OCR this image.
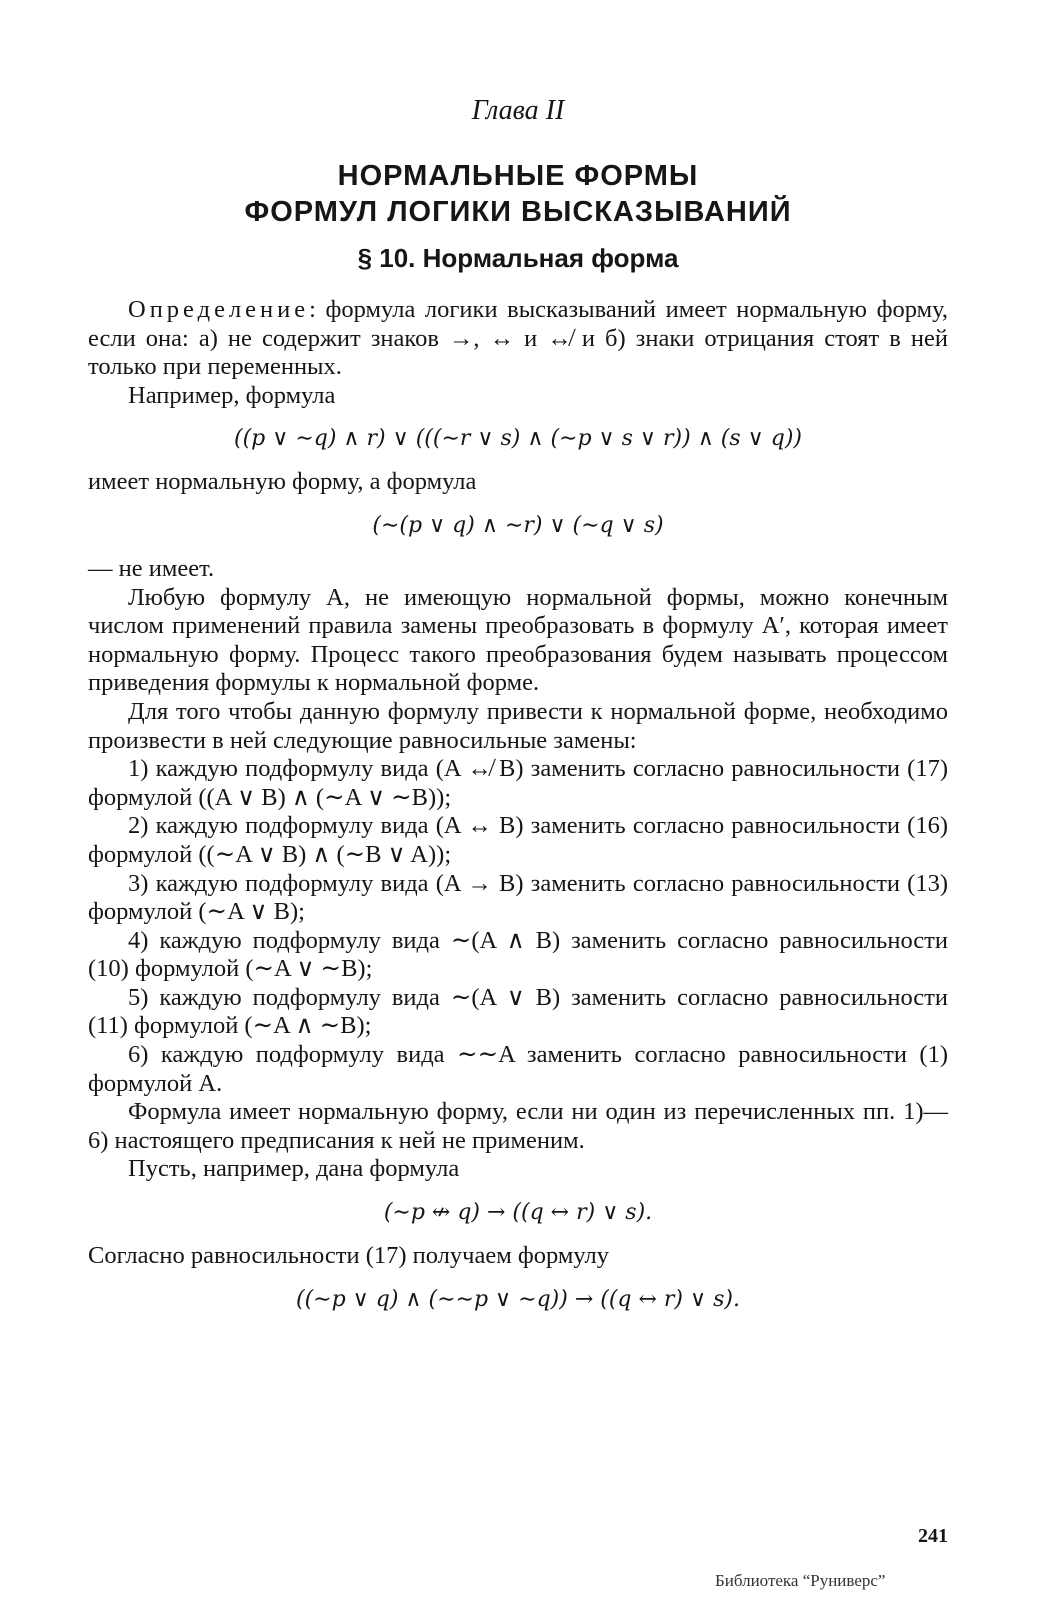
Глава II
НОРМАЛЬНЫЕ ФОРМЫ
ФОРМУЛ ЛОГИКИ ВЫСКАЗЫВАНИЙ
§ 10. Нормальная форма

Определение: формула логики высказываний имеет нормальную форму, если она: а) не содержит знаков →, ↔ и ↮ и б) знаки отрицания стоят в ней только при переменных.

Например, формула

((p ∨ ∼q) ∧ r) ∨ (((∼r ∨ s) ∧ (∼p ∨ s ∨ r)) ∧ (s ∨ q))

имеет нормальную форму, а формула

(∼(p ∨ q) ∧ ∼r) ∨ (∼q ∨ s)

— не имеет.

Любую формулу A, не имеющую нормальной формы, можно конечным числом применений правила замены преобразовать в формулу A′, которая имеет нормальную форму. Процесс такого преобразования будем называть процессом приведения формулы к нормальной форме.

Для того чтобы данную формулу привести к нормальной форме, необходимо произвести в ней следующие равносильные замены:

1) каждую подформулу вида (A ↮ B) заменить согласно равносильности (17) формулой ((A ∨ B) ∧ (∼A ∨ ∼B));

2) каждую подформулу вида (A ↔ B) заменить согласно равносильности (16) формулой ((∼A ∨ B) ∧ (∼B ∨ A));

3) каждую подформулу вида (A → B) заменить согласно равносильности (13) формулой (∼A ∨ B);

4) каждую подформулу вида ∼(A ∧ B) заменить согласно равносильности (10) формулой (∼A ∨ ∼B);

5) каждую подформулу вида ∼(A ∨ B) заменить согласно равносильности (11) формулой (∼A ∧ ∼B);

6) каждую подформулу вида ∼∼A заменить согласно равносильности (1) формулой A.

Формула имеет нормальную форму, если ни один из перечисленных пп. 1)—6) настоящего предписания к ней не применим.

Пусть, например, дана формула

(∼p ↮ q) → ((q ↔ r) ∨ s).

Согласно равносильности (17) получаем формулу

((∼p ∨ q) ∧ (∼∼p ∨ ∼q)) → ((q ↔ r) ∨ s).
241
Библиотека “Руниверс”
